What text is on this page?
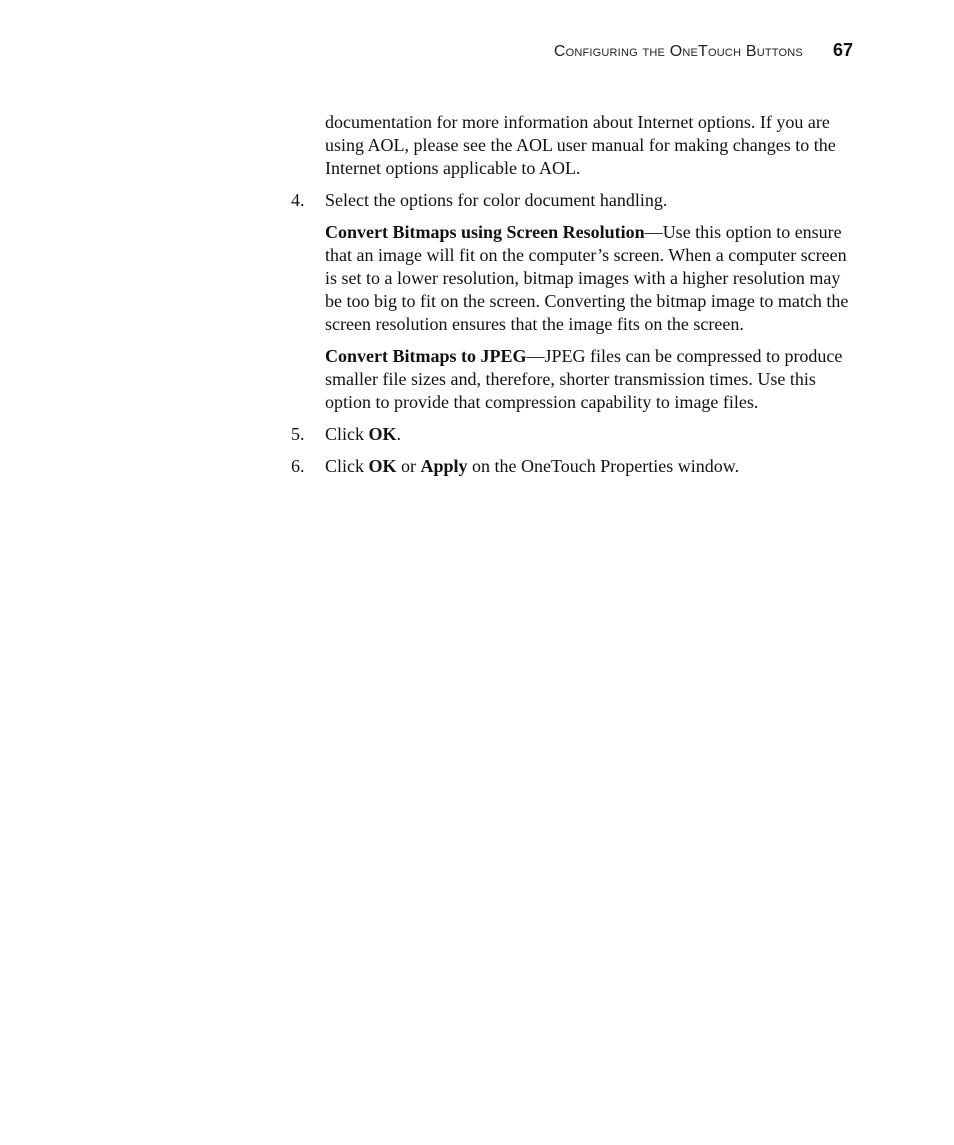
Configuring the OneTouch Buttons 67

documentation for more information about Internet options. If you are using AOL, please see the AOL user manual for making changes to the Internet options applicable to AOL.

4.	Select the options for color document handling.

Convert Bitmaps using Screen Resolution—Use this option to ensure that an image will fit on the computer’s screen. When a computer screen is set to a lower resolution, bitmap images with a higher resolution may be too big to fit on the screen. Converting the bitmap image to match the screen resolution ensures that the image fits on the screen.

Convert Bitmaps to JPEG—JPEG files can be compressed to produce smaller file sizes and, therefore, shorter transmission times. Use this option to provide that compression capability to image files.

5.	Click OK.
6.	Click OK or Apply on the OneTouch Properties window.
